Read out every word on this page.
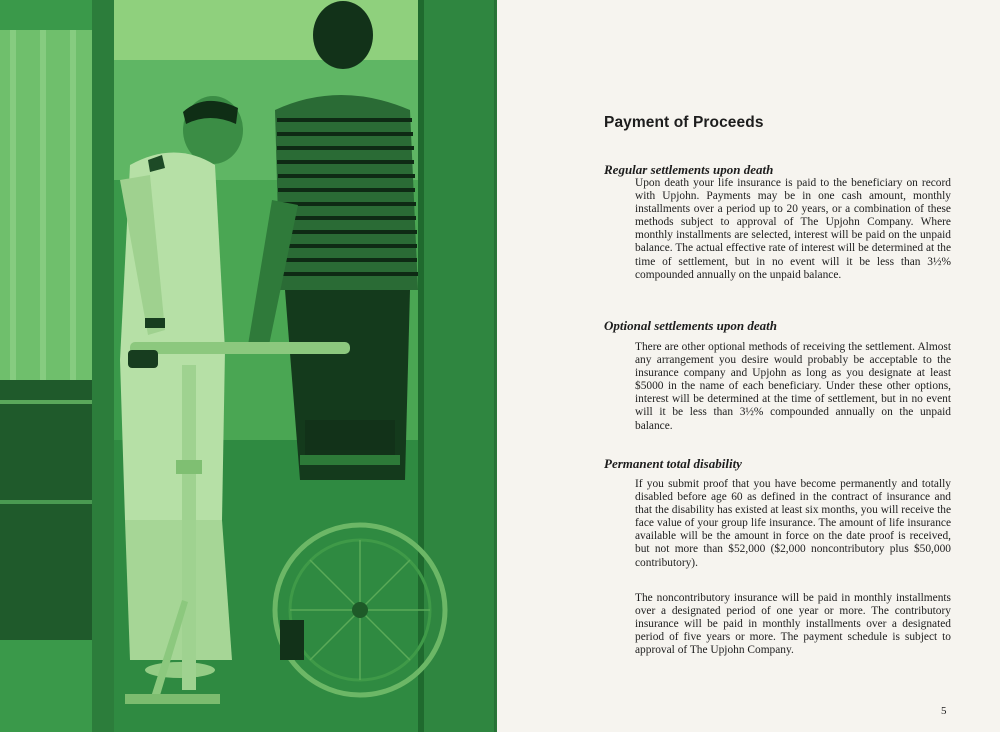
Payment of Proceeds
Regular settlements upon death

Upon death your life insurance is paid to the beneficiary on record with Upjohn. Payments may be in one cash amount, monthly installments over a period up to 20 years, or a combination of these methods subject to approval of The Upjohn Company. Where monthly installments are selected, interest will be paid on the unpaid balance. The actual effective rate of interest will be determined at the time of settlement, but in no event will it be less than 3½% compounded annually on the unpaid balance.

Optional settlements upon death

There are other optional methods of receiving the settlement. Almost any arrangement you desire would probably be acceptable to the insurance company and Upjohn as long as you designate at least $5000 in the name of each beneficiary. Under these other options, interest will be determined at the time of settlement, but in no event will it be less than 3½% compounded annually on the unpaid balance.

Permanent total disability

If you submit proof that you have become permanently and totally disabled before age 60 as defined in the contract of insurance and that the disability has existed at least six months, you will receive the face value of your group life insurance. The amount of life insurance available will be the amount in force on the date proof is received, but not more than $52,000 ($2,000 noncontributory plus $50,000 contributory).

The noncontributory insurance will be paid in monthly installments over a designated period of one year or more. The contributory insurance will be paid in monthly installments over a designated period of five years or more. The payment schedule is subject to approval of The Upjohn Company.

5
